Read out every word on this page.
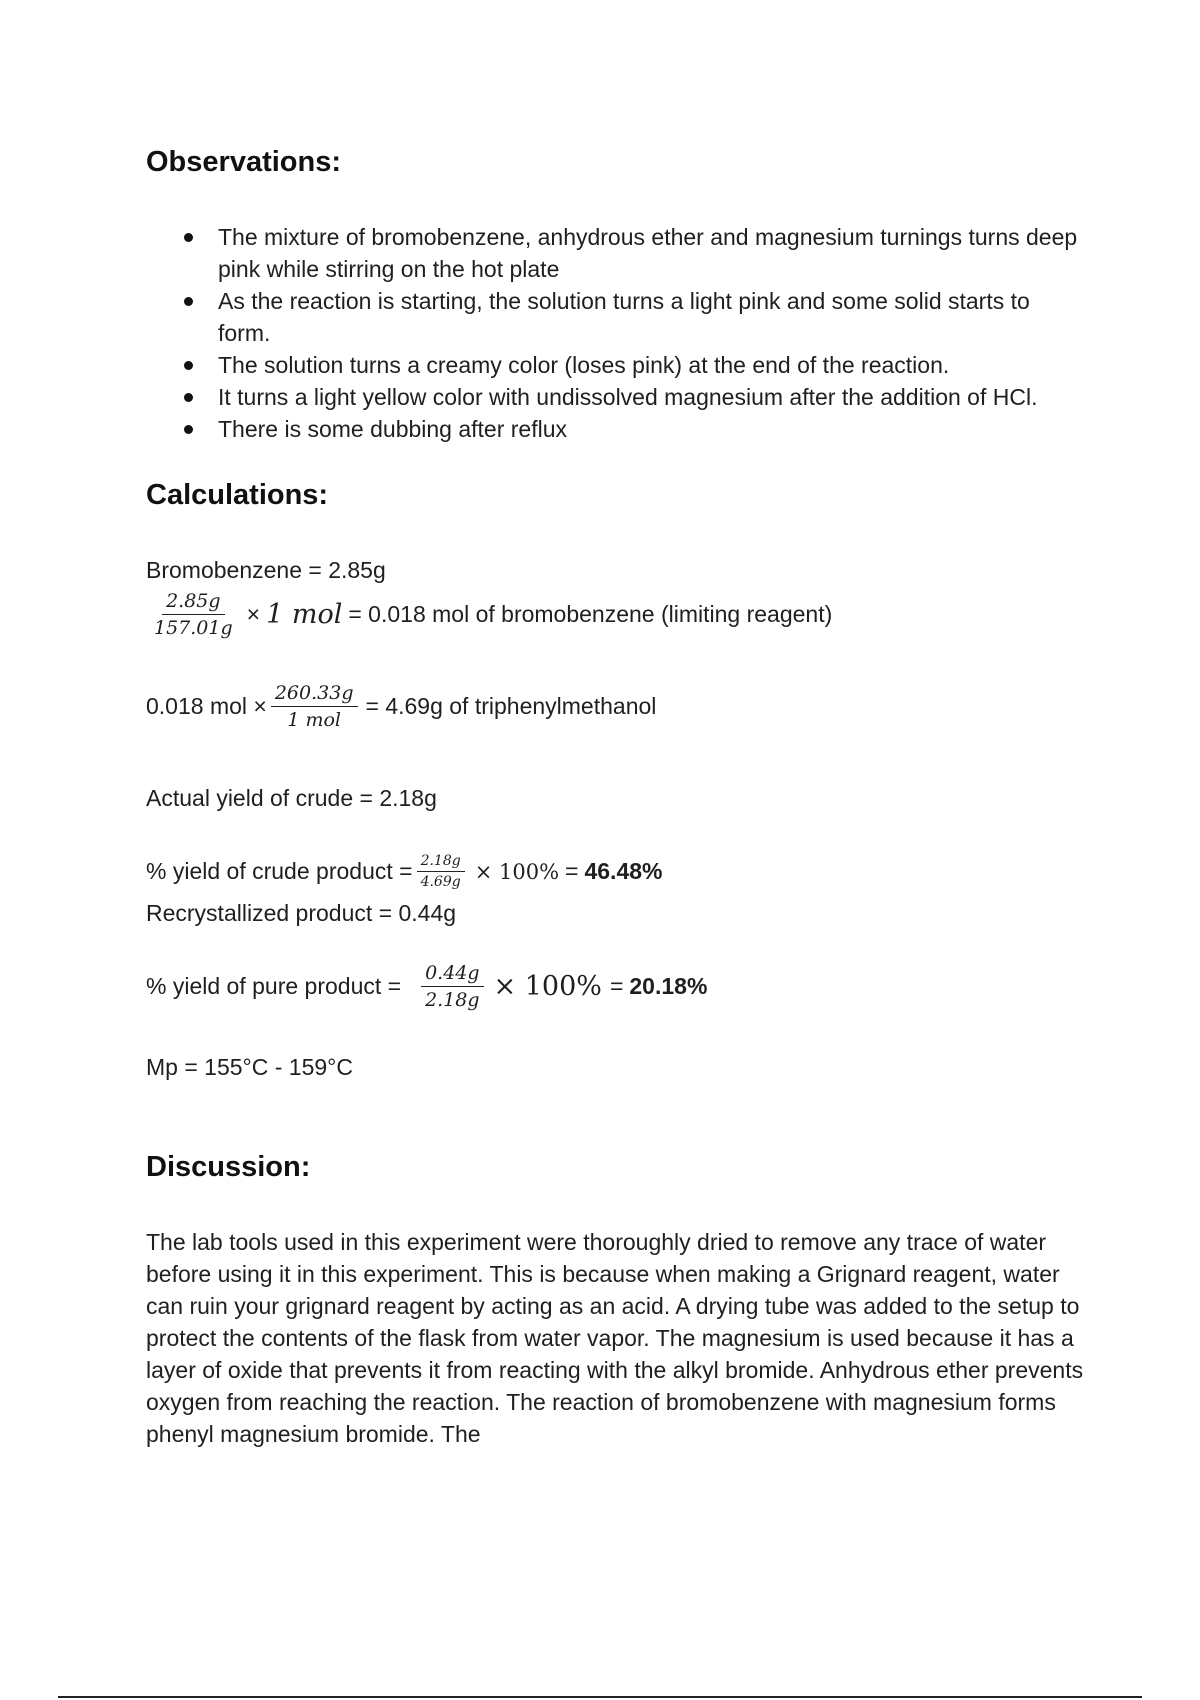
Observations:
The mixture of bromobenzene, anhydrous ether and magnesium turnings turns deep pink while stirring on the hot plate
As the reaction is starting, the solution turns a light pink and some solid starts to form.
The solution turns a creamy color (loses pink) at the end of the reaction.
It turns a light yellow color with undissolved magnesium after the addition of HCl.
There is some dubbing after reflux
Calculations:
Bromobenzene = 2.85g
$\frac{2.85g}{157.01g} \times 1$ mol = 0.018 mol of bromobenzene (limiting reagent)
0.018 mol × $\frac{260.33g}{\text{1 mol}} = 4.69g$ of triphenylmethanol
Actual yield of crude = 2.18g
% yield of crude product = $\frac{2.18g}{4.69g} \times 100\% = 46.48\%$
Recrystallized product = 0.44g
% yield of pure product = $\frac{0.44g}{2.18g} \times 100\% = 20.18\%$
Mp = 155°C - 159°C
Discussion:

The lab tools used in this experiment were thoroughly dried to remove any trace of water before using it in this experiment. This is because when making a Grignard reagent, water can ruin your grignard reagent by acting as an acid. A drying tube was added to the setup to protect the contents of the flask from water vapor. The magnesium is used because it has a layer of oxide that prevents it from reacting with the alkyl bromide. Anhydrous ether prevents oxygen from reaching the reaction. The reaction of bromobenzene with magnesium forms phenyl magnesium bromide. The
